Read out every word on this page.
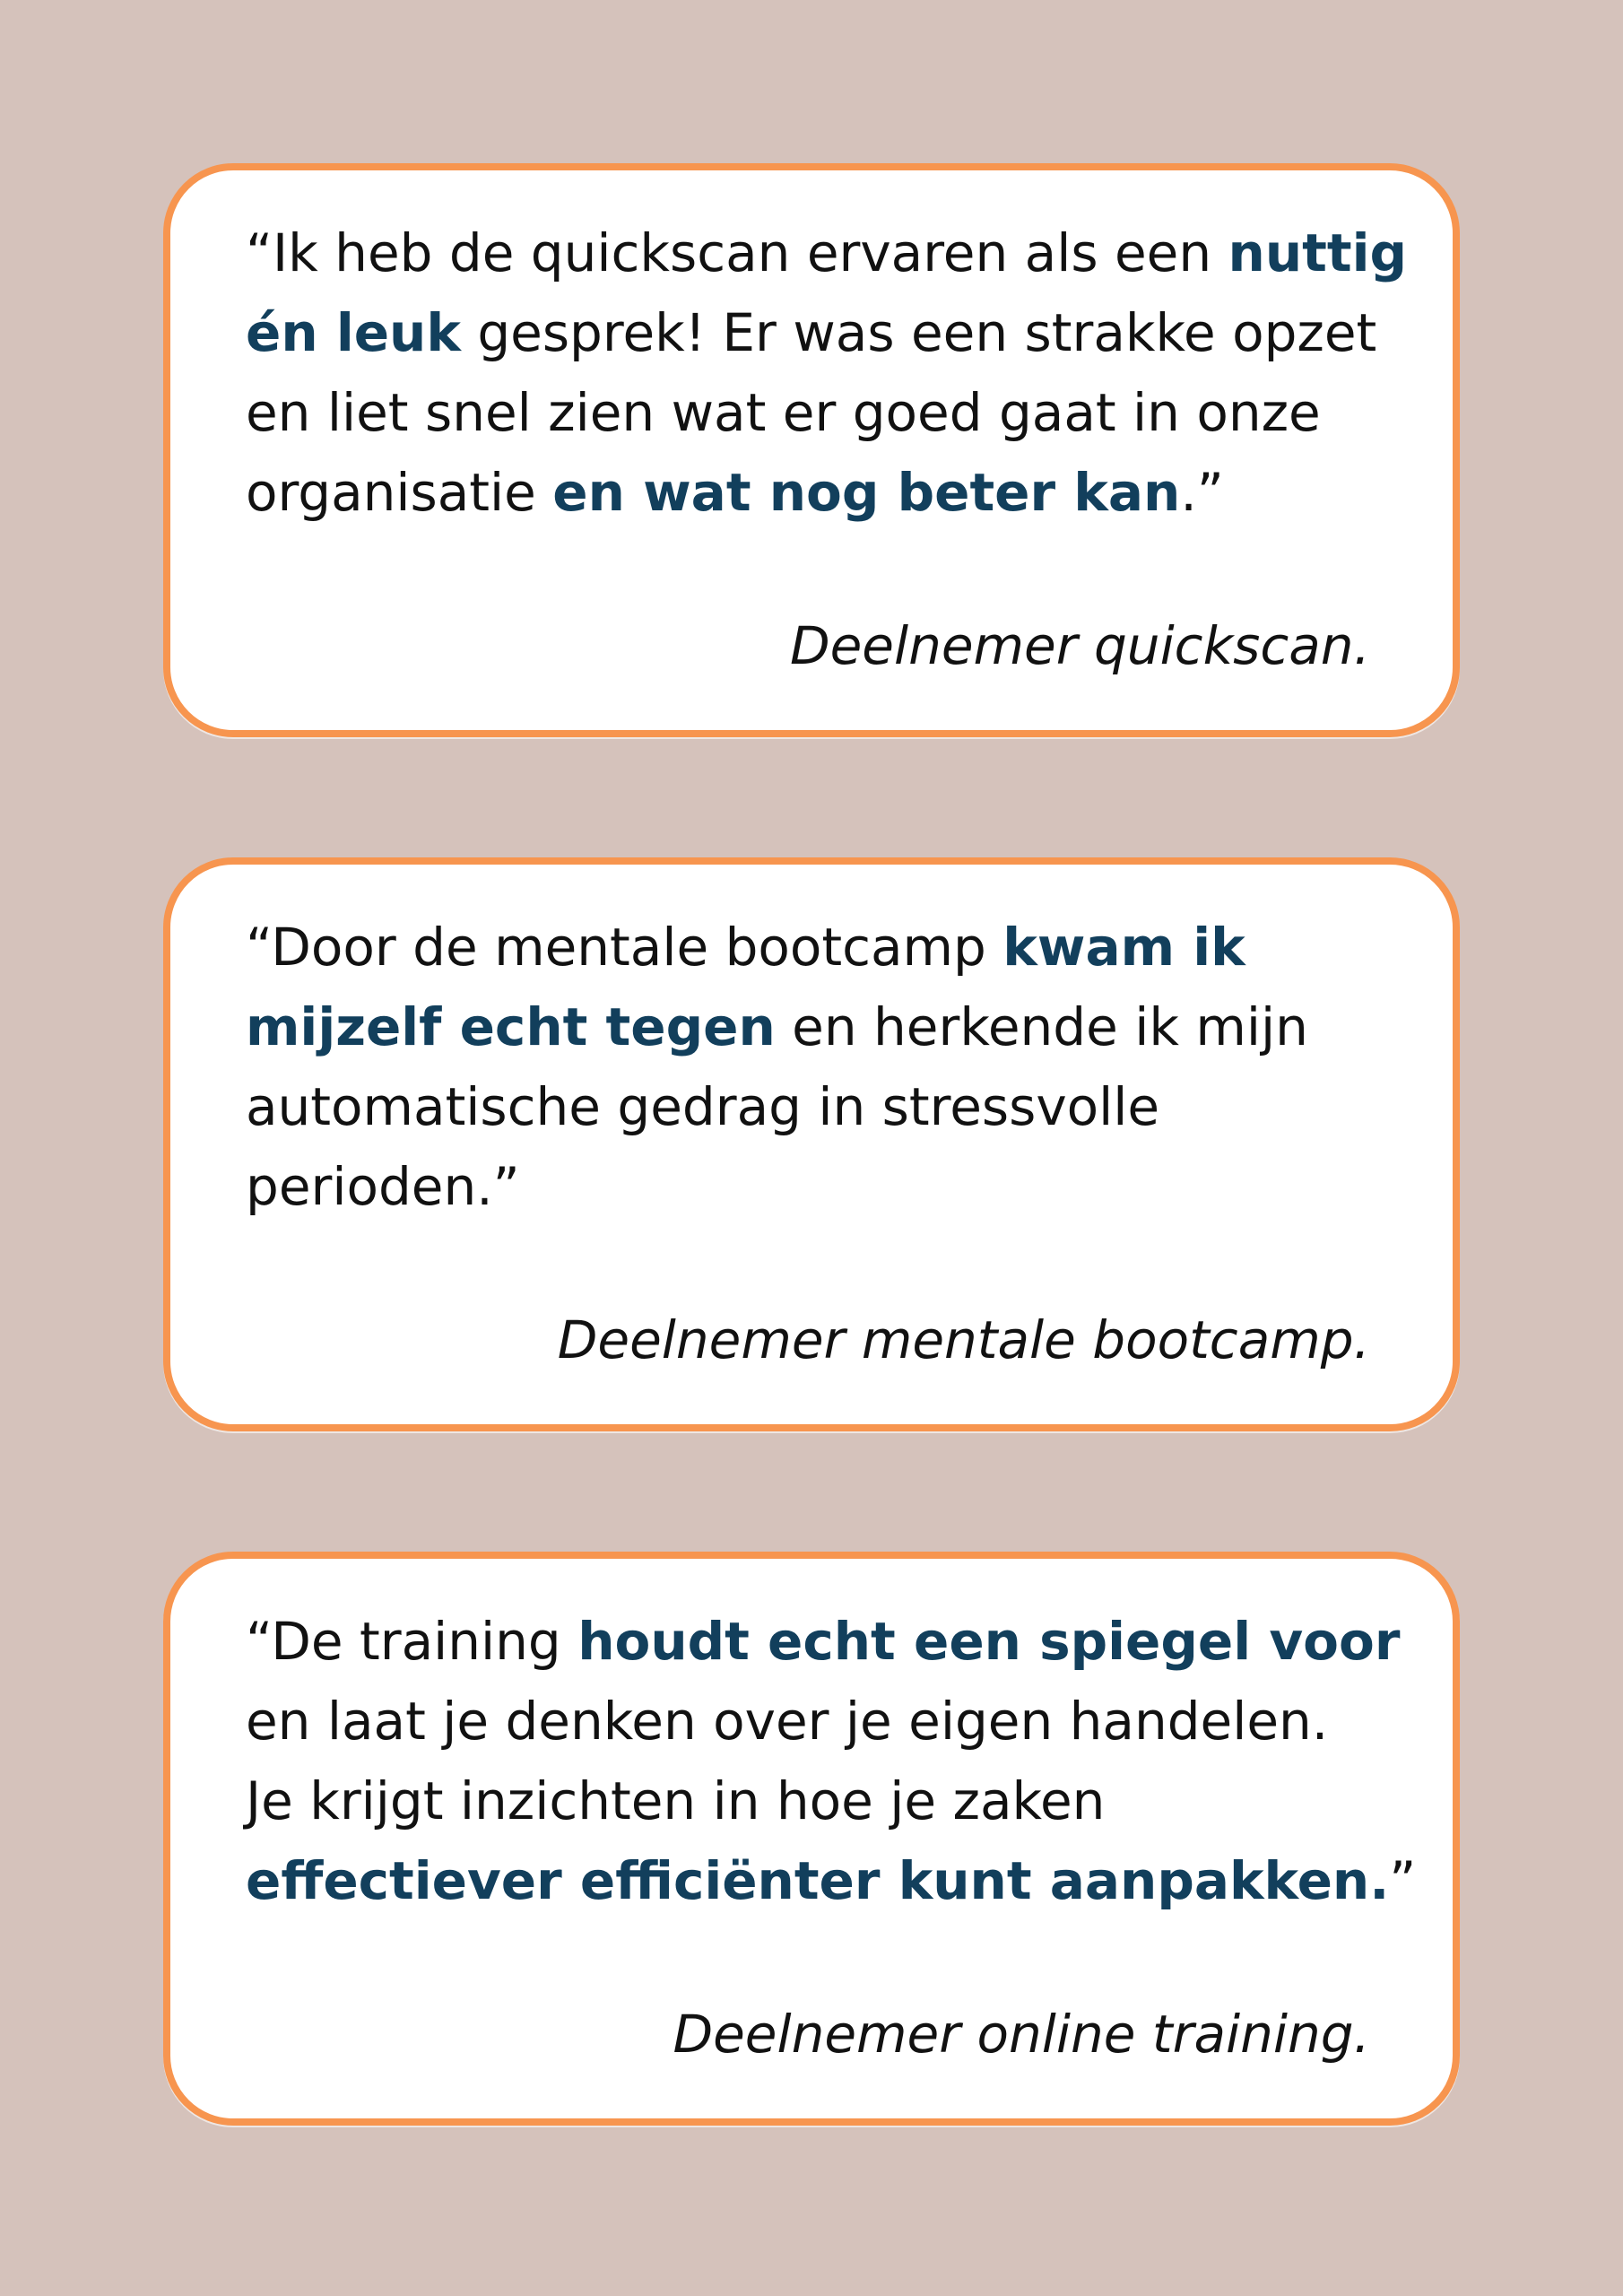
“Ik heb de quickscan ervaren als een nuttig
én leuk gesprek! Er was een strakke opzet
en liet snel zien wat er goed gaat in onze
organisatie en wat nog beter kan.”

Deelnemer quickscan.

“Door de mentale bootcamp kwam ik
mijzelf echt tegen en herkende ik mijn
automatische gedrag in stressvolle
perioden.”

Deelnemer mentale bootcamp.

“De training houdt echt een spiegel voor
en laat je denken over je eigen handelen.
Je krijgt inzichten in hoe je zaken
effectiever efficiënter kunt aanpakken.”

Deelnemer online training.
